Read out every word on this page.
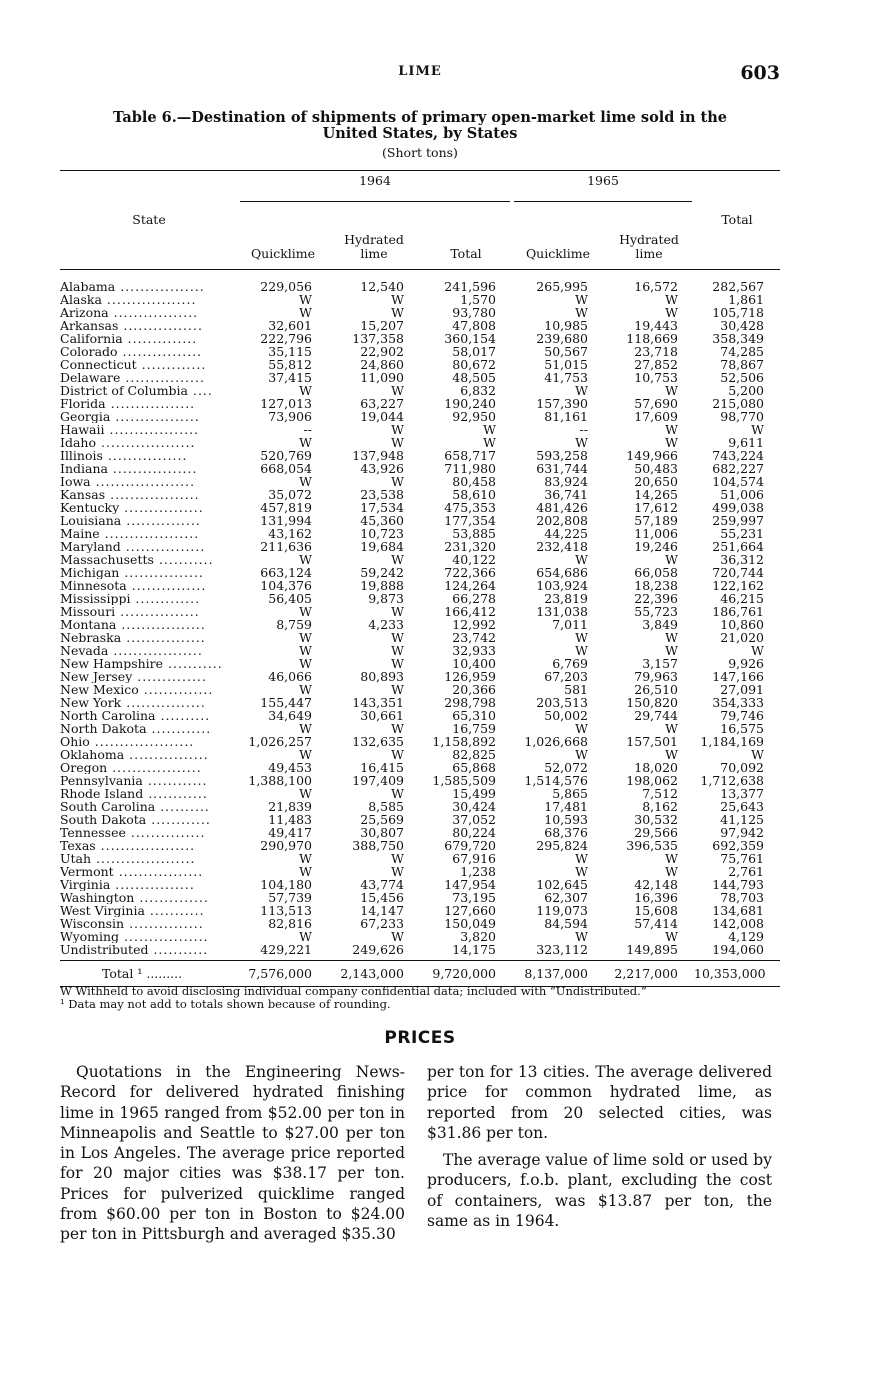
LIME	603
Table 6.—Destination of shipments of primary open-market lime sold in the
United States, by States
(Short tons)

	1964			1965		

State	Quicklime	Hydrated
lime	Total	Quicklime	Hydrated
lime	Total

Alabama .................	229,056	12,540	241,596	265,995	16,572	282,567
Alaska ..................	W	W	1,570	W	W	1,861
Arizona .................	W	W	93,780	W	W	105,718
Arkansas ................	32,601	15,207	47,808	10,985	19,443	30,428
California ..............	222,796	137,358	360,154	239,680	118,669	358,349
Colorado ................	35,115	22,902	58,017	50,567	23,718	74,285
Connecticut .............	55,812	24,860	80,672	51,015	27,852	78,867
Delaware ................	37,415	11,090	48,505	41,753	10,753	52,506
District of Columbia ....	W	W	6,832	W	W	5,200
Florida .................	127,013	63,227	190,240	157,390	57,690	215,080
Georgia .................	73,906	19,044	92,950	81,161	17,609	98,770
Hawaii ..................	--	W	W	--	W	W
Idaho ...................	W	W	W	W	W	9,611
Illinois ................	520,769	137,948	658,717	593,258	149,966	743,224
Indiana .................	668,054	43,926	711,980	631,744	50,483	682,227
Iowa ....................	W	W	80,458	83,924	20,650	104,574
Kansas ..................	35,072	23,538	58,610	36,741	14,265	51,006
Kentucky ................	457,819	17,534	475,353	481,426	17,612	499,038
Louisiana ...............	131,994	45,360	177,354	202,808	57,189	259,997
Maine ...................	43,162	10,723	53,885	44,225	11,006	55,231
Maryland ................	211,636	19,684	231,320	232,418	19,246	251,664
Massachusetts ...........	W	W	40,122	W	W	36,312
Michigan ................	663,124	59,242	722,366	654,686	66,058	720,744
Minnesota ...............	104,376	19,888	124,264	103,924	18,238	122,162
Mississippi .............	56,405	9,873	66,278	23,819	22,396	46,215
Missouri ................	W	W	166,412	131,038	55,723	186,761
Montana .................	8,759	4,233	12,992	7,011	3,849	10,860
Nebraska ................	W	W	23,742	W	W	21,020
Nevada ..................	W	W	32,933	W	W	W
New Hampshire ...........	W	W	10,400	6,769	3,157	9,926
New Jersey ..............	46,066	80,893	126,959	67,203	79,963	147,166
New Mexico ..............	W	W	20,366	581	26,510	27,091
New York ................	155,447	143,351	298,798	203,513	150,820	354,333
North Carolina ..........	34,649	30,661	65,310	50,002	29,744	79,746
North Dakota ............	W	W	16,759	W	W	16,575
Ohio ....................	1,026,257	132,635	1,158,892	1,026,668	157,501	1,184,169
Oklahoma ................	W	W	82,825	W	W	W
Oregon ..................	49,453	16,415	65,868	52,072	18,020	70,092
Pennsylvania ............	1,388,100	197,409	1,585,509	1,514,576	198,062	1,712,638
Rhode Island ............	W	W	15,499	5,865	7,512	13,377
South Carolina ..........	21,839	8,585	30,424	17,481	8,162	25,643
South Dakota ............	11,483	25,569	37,052	10,593	30,532	41,125
Tennessee ...............	49,417	30,807	80,224	68,376	29,566	97,942
Texas ...................	290,970	388,750	679,720	295,824	396,535	692,359
Utah ....................	W	W	67,916	W	W	75,761
Vermont .................	W	W	1,238	W	W	2,761
Virginia ................	104,180	43,774	147,954	102,645	42,148	144,793
Washington ..............	57,739	15,456	73,195	62,307	16,396	78,703
West Virginia ...........	113,513	14,147	127,660	119,073	15,608	134,681
Wisconsin ...............	82,816	67,233	150,049	84,594	57,414	142,008
Wyoming .................	W	W	3,820	W	W	4,129
Undistributed ...........	429,221	249,626	14,175	323,112	149,895	194,060
Total ¹ .........	7,576,000	2,143,000	9,720,000	8,137,000	2,217,000	10,353,000
W Withheld to avoid disclosing individual company confidential data; included with “Undistributed.”
¹ Data may not add to totals shown because of rounding.
PRICES

Quotations in the Engineering News-Record for delivered hydrated finishing lime in 1965 ranged from $52.00 per ton in Minneapolis and Seattle to $27.00 per ton in Los Angeles. The average price reported for 20 major cities was $38.17 per ton. Prices for pulverized quicklime ranged from $60.00 per ton in Boston to $24.00 per ton in Pittsburgh and averaged $35.30

per ton for 13 cities. The average delivered price for common hydrated lime, as reported from 20 selected cities, was $31.86 per ton.

The average value of lime sold or used by producers, f.o.b. plant, excluding the cost of containers, was $13.87 per ton, the same as in 1964.
